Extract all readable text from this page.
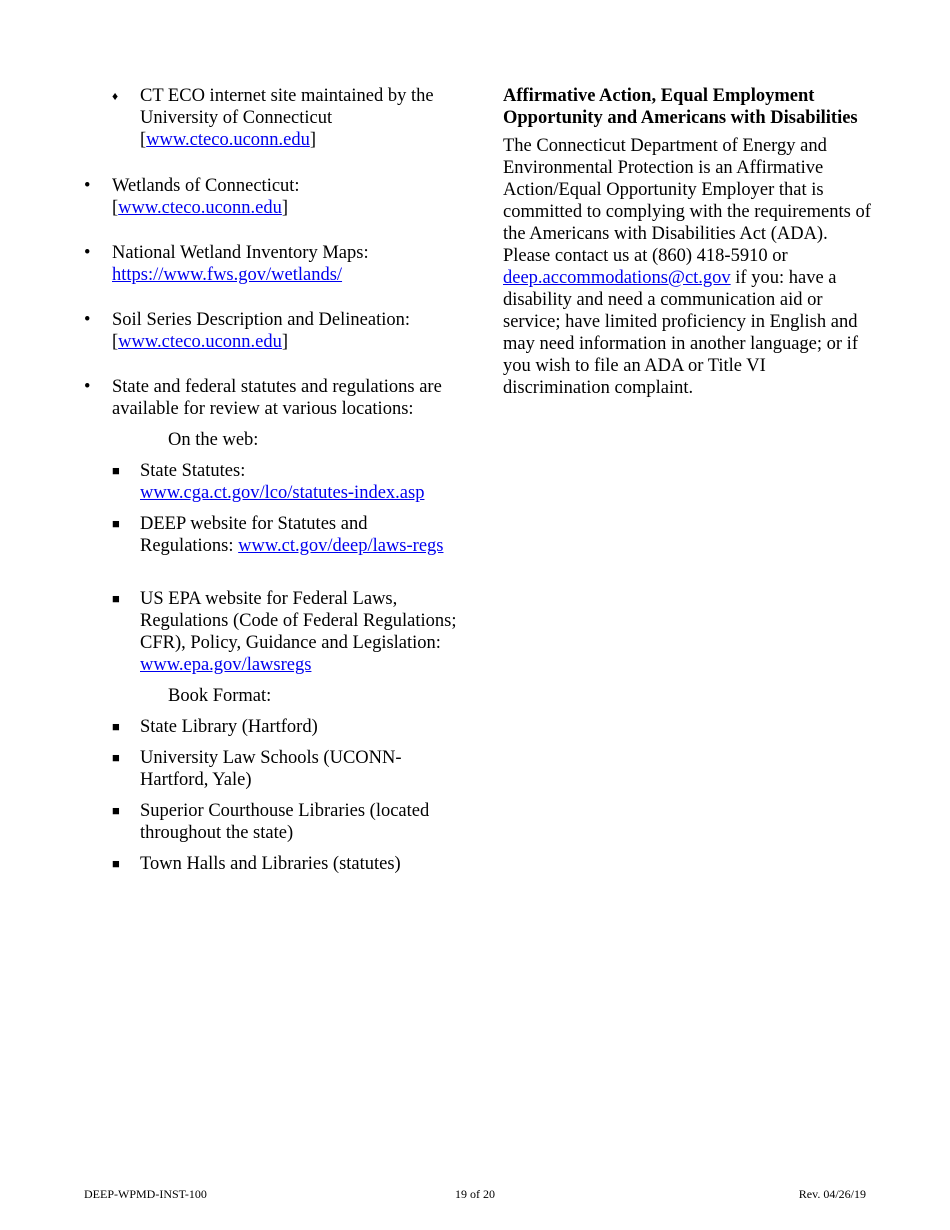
♦ CT ECO internet site maintained by the University of Connecticut [www.cteco.uconn.edu]
• Wetlands of Connecticut:
[www.cteco.uconn.edu]
• National Wetland Inventory Maps:
https://www.fws.gov/wetlands/
• Soil Series Description and Delineation:
[www.cteco.uconn.edu]
• State and federal statutes and regulations are available for review at various locations:
On the web:
■ State Statutes:
www.cga.ct.gov/lco/statutes-index.asp
■ DEEP website for Statutes and Regulations: www.ct.gov/deep/laws-regs
■ US EPA website for Federal Laws, Regulations (Code of Federal Regulations; CFR), Policy, Guidance and Legislation: www.epa.gov/lawsregs
Book Format:
■ State Library (Hartford)
■ University Law Schools (UCONN-Hartford, Yale)
■ Superior Courthouse Libraries (located throughout the state)
■ Town Halls and Libraries (statutes)
Affirmative Action, Equal Employment Opportunity and Americans with Disabilities

The Connecticut Department of Energy and Environmental Protection is an Affirmative Action/Equal Opportunity Employer that is committed to complying with the requirements of the Americans with Disabilities Act (ADA). Please contact us at (860) 418-5910 or deep.accommodations@ct.gov if you: have a disability and need a communication aid or service; have limited proficiency in English and may need information in another language; or if you wish to file an ADA or Title VI discrimination complaint.

DEEP-WPMD-INST-100	19 of 20	Rev. 04/26/19
